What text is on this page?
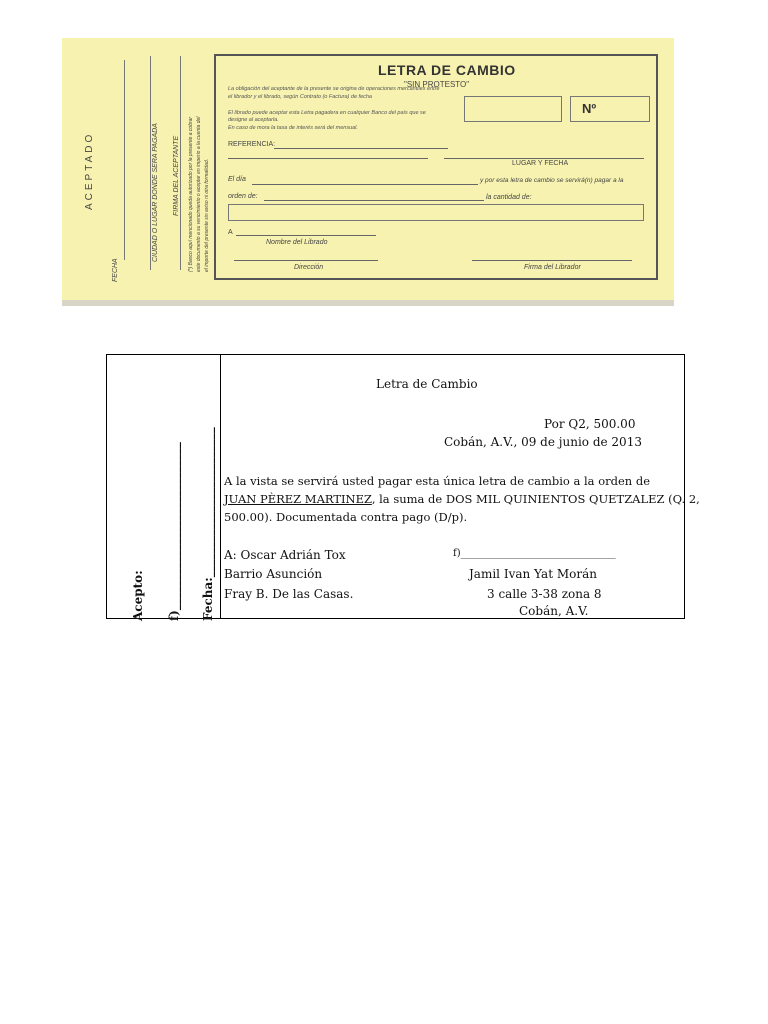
ACEPTADO
FECHA
CIUDAD O LUGAR DONDE SERA PAGADA FIRMA DEL ACEPTANTE (*) Banco aquí mencionado queda autorizado por la presente a cobrar este documento a su vencimiento o aceptar en imperio a la cuenta del el importe del presente sin aviso ni otra formalidad.
LETRA DE CAMBIO
"SIN PROTESTO"
La obligación del aceptante de la presente se origina de operaciones mercantiles entre
el librador y el librado, según Contrato (o Factura) de fecha
El librado puede aceptar esta Letra pagadera en cualquier Banco del país que se
designe al aceptarla.
En caso de mora la tasa de interés será del mensual.
Nº
REFERENCIA:
LUGAR Y FECHA
El día	y por esta letra de cambio se servirá(n) pagar a la
orden de:	la cantidad de:
A
Nombre del Librado
Dirección	Firma del Librador
Acepto: f)____________________________ Fecha:_________________________
Letra de Cambio
Por Q2, 500.00
Cobán, A.V., 09 de junio de 2013
A la vista se servirá usted pagar esta única letra de cambio a la orden de
JUAN PÈREZ MARTINEZ, la suma de DOS MIL QUINIENTOS QUETZALEZ (Q. 2,
500.00). Documentada contra pago (D/p).
A: Oscar Adrián Tox
Barrio Asunción
Fray B. De las Casas.
f)_______________________________
Jamil Ivan Yat Morán
3 calle 3-38 zona 8
Cobán, A.V.
